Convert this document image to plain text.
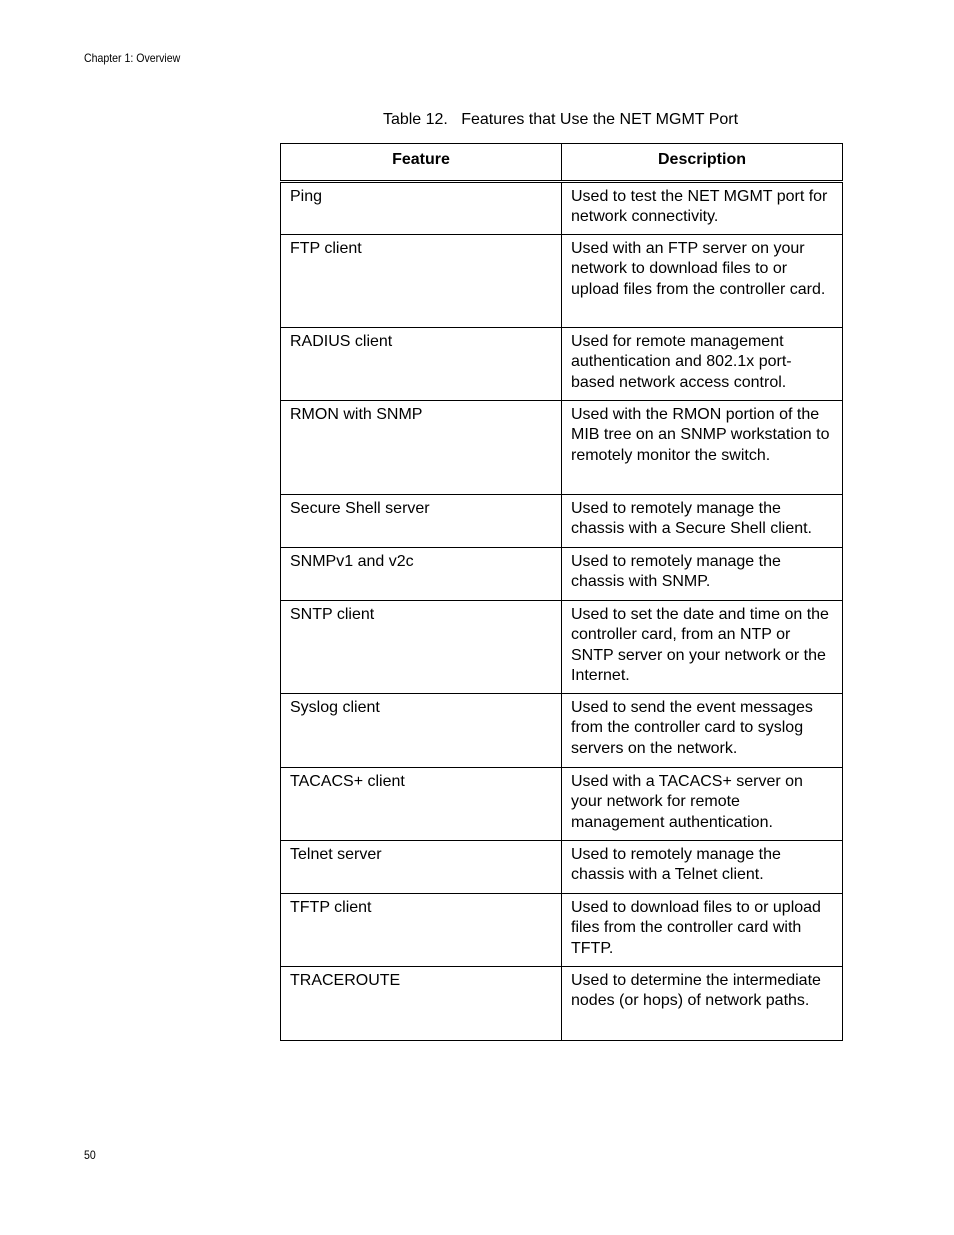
Chapter 1: Overview
Table 12.   Features that Use the NET MGMT Port
Feature	Description
Ping	Used to test the NET MGMT port for network connectivity.
FTP client	Used with an FTP server on your network to download files to or upload files from the controller card.
RADIUS client	Used for remote management authentication and 802.1x port-based network access control.
RMON with SNMP	Used with the RMON portion of the MIB tree on an SNMP workstation to remotely monitor the switch.
Secure Shell server	Used to remotely manage the chassis with a Secure Shell client.
SNMPv1 and v2c	Used to remotely manage the chassis with SNMP.
SNTP client	Used to set the date and time on the controller card, from an NTP or SNTP server on your network or the Internet.
Syslog client	Used to send the event messages from the controller card to syslog servers on the network.
TACACS+ client	Used with a TACACS+ server on your network for remote management authentication.
Telnet server	Used to remotely manage the chassis with a Telnet client.
TFTP client	Used to download files to or upload files from the controller card with TFTP.
TRACEROUTE	Used to determine the intermediate nodes (or hops) of network paths.
50
